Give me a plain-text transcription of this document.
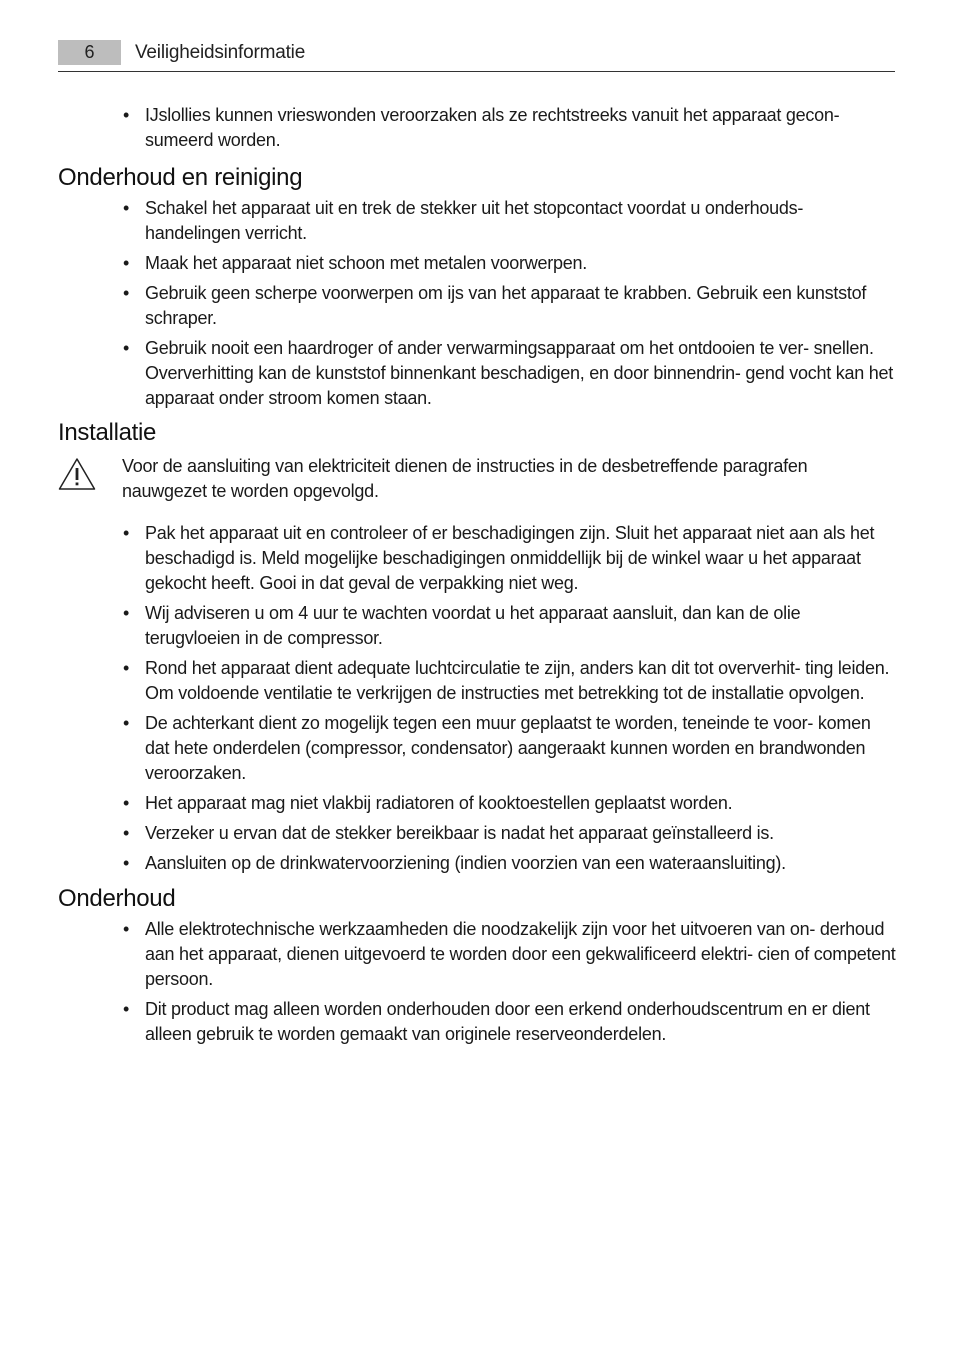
6	Veiligheidsinformatie
• IJslollies kunnen vrieswonden veroorzaken als ze rechtstreeks vanuit het apparaat gecon- sumeerd worden.
Onderhoud en reiniging
• Schakel het apparaat uit en trek de stekker uit het stopcontact voordat u onderhouds- handelingen verricht.
• Maak het apparaat niet schoon met metalen voorwerpen.
• Gebruik geen scherpe voorwerpen om ijs van het apparaat te krabben. Gebruik een kunststof schraper.
• Gebruik nooit een haardroger of ander verwarmingsapparaat om het ontdooien te ver- snellen. Oververhitting kan de kunststof binnenkant beschadigen, en door binnendrin- gend vocht kan het apparaat onder stroom komen staan.
Installatie
Voor de aansluiting van elektriciteit dienen de instructies in de desbetreffende paragrafen nauwgezet te worden opgevolgd.
• Pak het apparaat uit en controleer of er beschadigingen zijn. Sluit het apparaat niet aan als het beschadigd is. Meld mogelijke beschadigingen onmiddellijk bij de winkel waar u het apparaat gekocht heeft. Gooi in dat geval de verpakking niet weg.
• Wij adviseren u om 4 uur te wachten voordat u het apparaat aansluit, dan kan de olie terugvloeien in de compressor.
• Rond het apparaat dient adequate luchtcirculatie te zijn, anders kan dit tot oververhit- ting leiden. Om voldoende ventilatie te verkrijgen de instructies met betrekking tot de installatie opvolgen.
• De achterkant dient zo mogelijk tegen een muur geplaatst te worden, teneinde te voor- komen dat hete onderdelen (compressor, condensator) aangeraakt kunnen worden en brandwonden veroorzaken.
• Het apparaat mag niet vlakbij radiatoren of kooktoestellen geplaatst worden.
• Verzeker u ervan dat de stekker bereikbaar is nadat het apparaat geïnstalleerd is.
• Aansluiten op de drinkwatervoorziening (indien voorzien van een wateraansluiting).
Onderhoud
• Alle elektrotechnische werkzaamheden die noodzakelijk zijn voor het uitvoeren van on- derhoud aan het apparaat, dienen uitgevoerd te worden door een gekwalificeerd elektri- cien of competent persoon.
• Dit product mag alleen worden onderhouden door een erkend onderhoudscentrum en er dient alleen gebruik te worden gemaakt van originele reserveonderdelen.
